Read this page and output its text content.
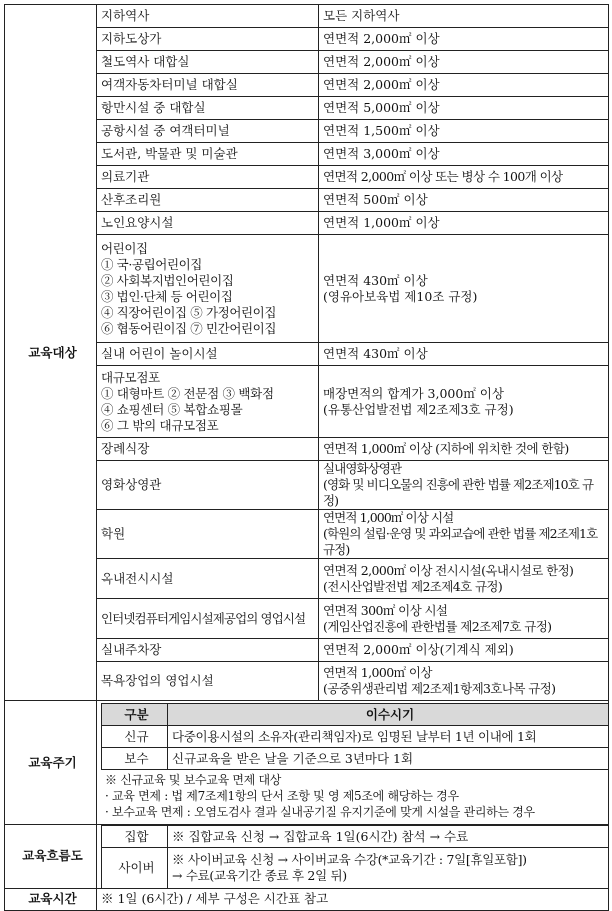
교육대상	지하역사	모든 지하역사
지하도상가	연면적 2,000㎡ 이상
철도역사 대합실	연면적 2,000㎡ 이상
여객자동차터미널 대합실	연면적 2,000㎡ 이상
항만시설 중 대합실	연면적 5,000㎡ 이상
공항시설 중 여객터미널	연면적 1,500㎡ 이상
도서관, 박물관 및 미술관	연면적 3,000㎡ 이상
의료기관	연면적 2,000㎡ 이상 또는 병상 수 100개 이상
산후조리원	연면적 500㎡ 이상
노인요양시설	연면적 1,000㎡ 이상
어린이집
① 국·공립어린이집
② 사회복지법인어린이집
③ 법인·단체 등 어린이집
④ 직장어린이집 ⑤ 가정어린이집
⑥ 협동어린이집 ⑦ 민간어린이집	연면적 430㎡ 이상
(영유아보육법 제10조 규정)
실내 어린이 놀이시설	연면적 430㎡ 이상
대규모점포
① 대형마트 ② 전문점 ③ 백화점
④ 쇼핑센터 ⑤ 복합쇼핑몰
⑥ 그 밖의 대규모점포	매장면적의 합계가 3,000㎡ 이상
(유통산업발전법 제2조제3호 규정)
장례식장	연면적 1,000㎡ 이상 (지하에 위치한 것에 한함)
영화상영관	실내영화상영관
(영화 및 비디오물의 진흥에 관한 법률 제2조제10호 규정)
학원	연면적 1,000㎡ 이상 시설
(학원의 설립·운영 및 과외교습에 관한 법률 제2조제1호 규정)
옥내전시시설	연면적 2,000㎡ 이상 전시시설(옥내시설로 한정)
(전시산업발전법 제2조제4호 규정)
인터넷컴퓨터게임시설제공업의 영업시설	연면적 300㎡ 이상 시설
(게임산업진흥에 관한법률 제2조제7호 규정)
실내주차장	연면적 2,000㎡ 이상(기계식 제외)
목욕장업의 영업시설	연면적 1,000㎡ 이상
(공중위생관리법 제2조제1항제3호나목 규정)
교육주기	
구분	이수시기
신규	다중이용시설의 소유자(관리책임자)로 임명된 날부터 1년 이내에 1회
보수	신규교육을 받은 날을 기준으로 3년마다 1회
※ 신규교육 및 보수교육 면제 대상
· 교육 면제 : 법 제7조제1항의 단서 조항 및 영 제5조에 해당하는 경우
· 보수교육 면제 : 오염도검사 결과 실내공기질 유지기준에 맞게 시설을 관리하는 경우

교육흐름도	
집합	※ 집합교육 신청 → 집합교육 1일(6시간) 참석 → 수료
사이버	※ 사이버교육 신청 → 사이버교육 수강(*교육기간 : 7일[휴일포함])
→ 수료(교육기간 종료 후 2일 뒤)

교육시간	※ 1일 (6시간) / 세부 구성은 시간표 참고
